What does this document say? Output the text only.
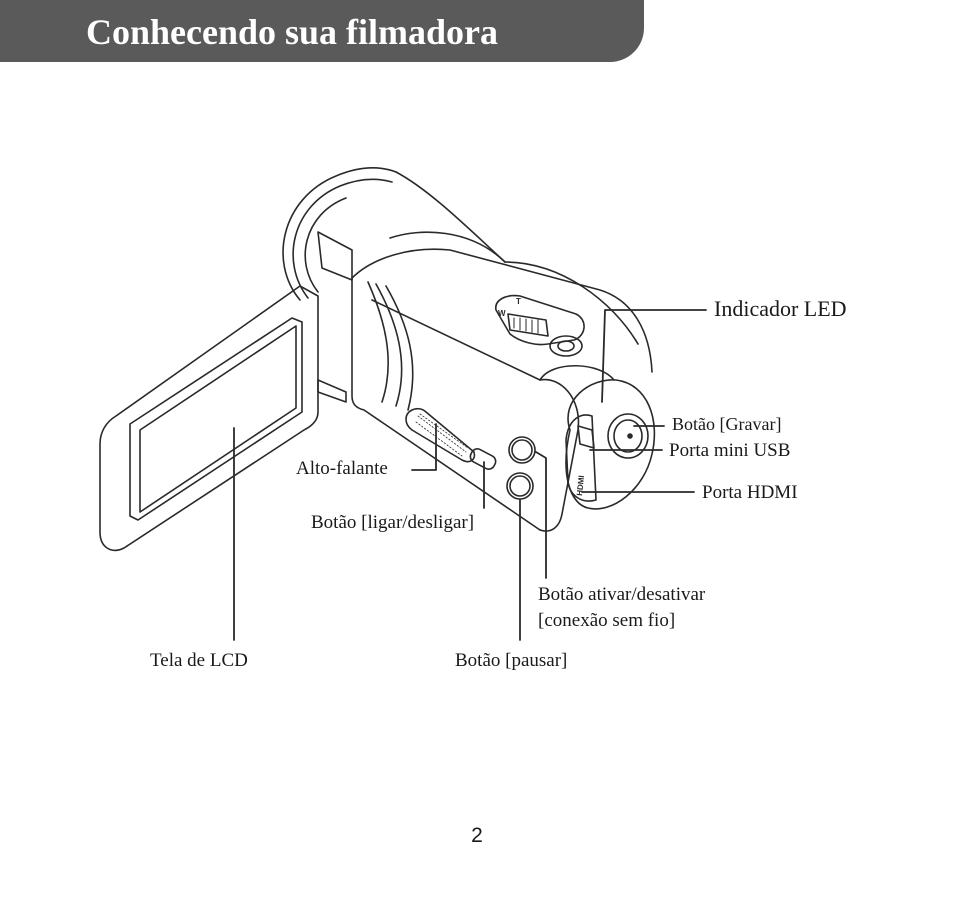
Conhecendo sua filmadora
W
T
HDMI
Indicador LED
Botão [Gravar]
Porta mini USB
Porta HDMI
Alto-falante
Botão [ligar/desligar]
Botão ativar/desativar
[conexão sem fio]
Tela de LCD	Botão [pausar]
2
